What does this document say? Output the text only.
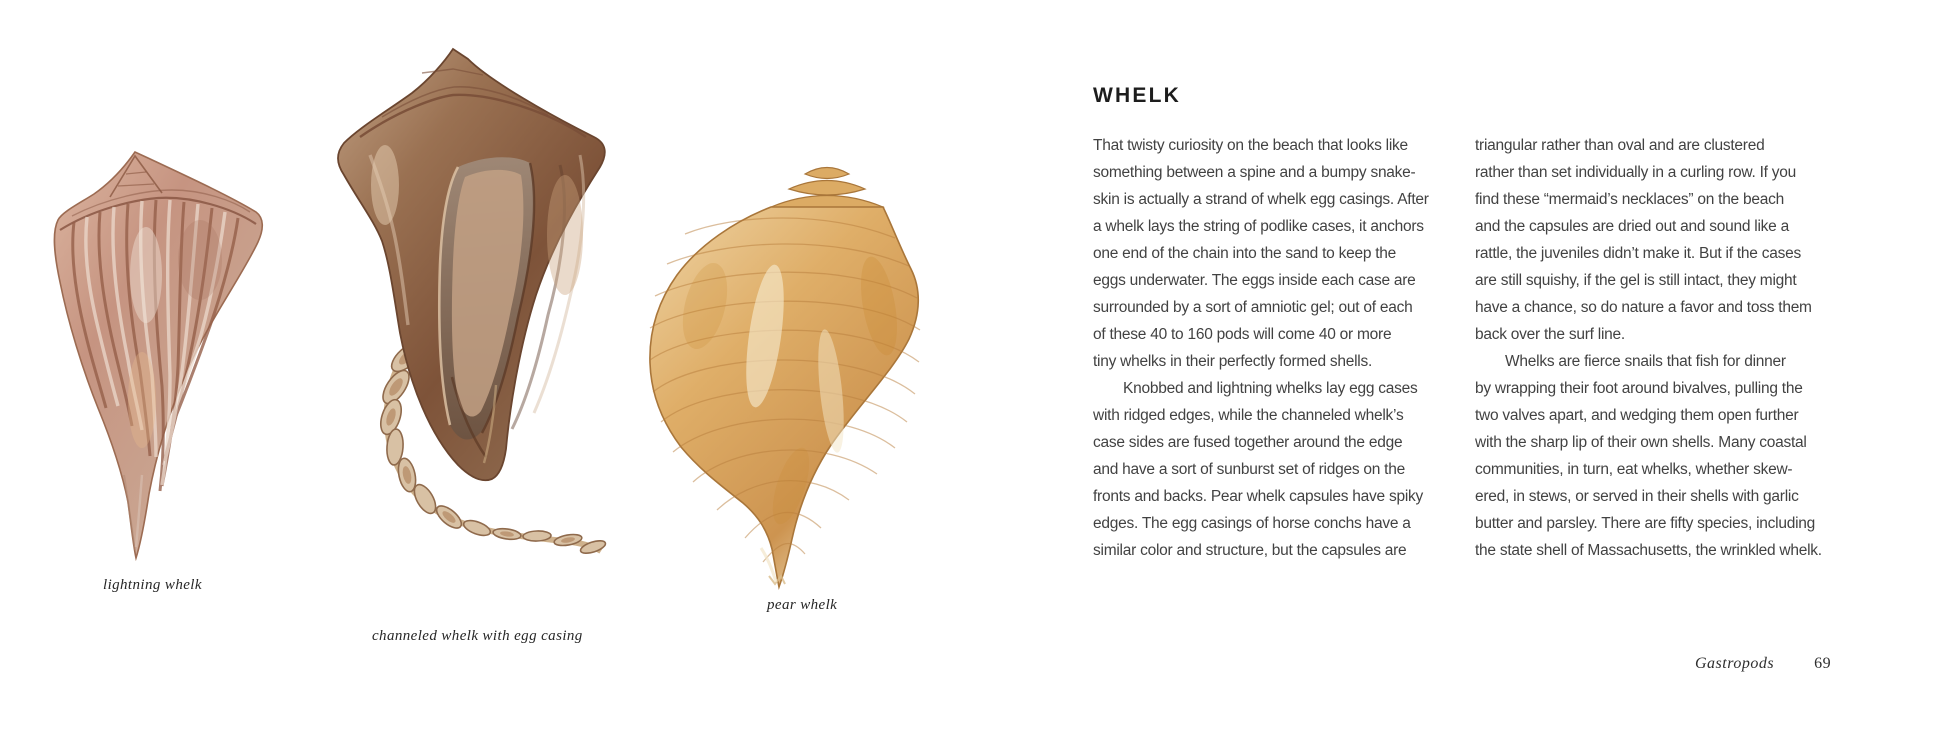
lightning whelk
channeled whelk with egg casing
pear whelk
WHELK
That twisty curiosity on the beach that looks like
something between a spine and a bumpy snake-
skin is actually a strand of whelk egg casings. After
a whelk lays the string of podlike cases, it anchors
one end of the chain into the sand to keep the
eggs underwater. The eggs inside each case are
surrounded by a sort of amniotic gel; out of each
of these 40 to 160 pods will come 40 or more
tiny whelks in their perfectly formed shells.
Knobbed and lightning whelks lay egg cases
with ridged edges, while the channeled whelk’s
case sides are fused together around the edge
and have a sort of sunburst set of ridges on the
fronts and backs. Pear whelk capsules have spiky
edges. The egg casings of horse conchs have a
similar color and structure, but the capsules are
triangular rather than oval and are clustered
rather than set individually in a curling row. If you
find these “mermaid’s necklaces” on the beach
and the capsules are dried out and sound like a
rattle, the juveniles didn’t make it. But if the cases
are still squishy, if the gel is still intact, they might
have a chance, so do nature a favor and toss them
back over the surf line.
Whelks are fierce snails that fish for dinner
by wrapping their foot around bivalves, pulling the
two valves apart, and wedging them open further
with the sharp lip of their own shells. Many coastal
communities, in turn, eat whelks, whether skew-
ered, in stews, or served in their shells with garlic
butter and parsley. There are fifty species, including
the state shell of Massachusetts, the wrinkled whelk.
Gastropods	69
